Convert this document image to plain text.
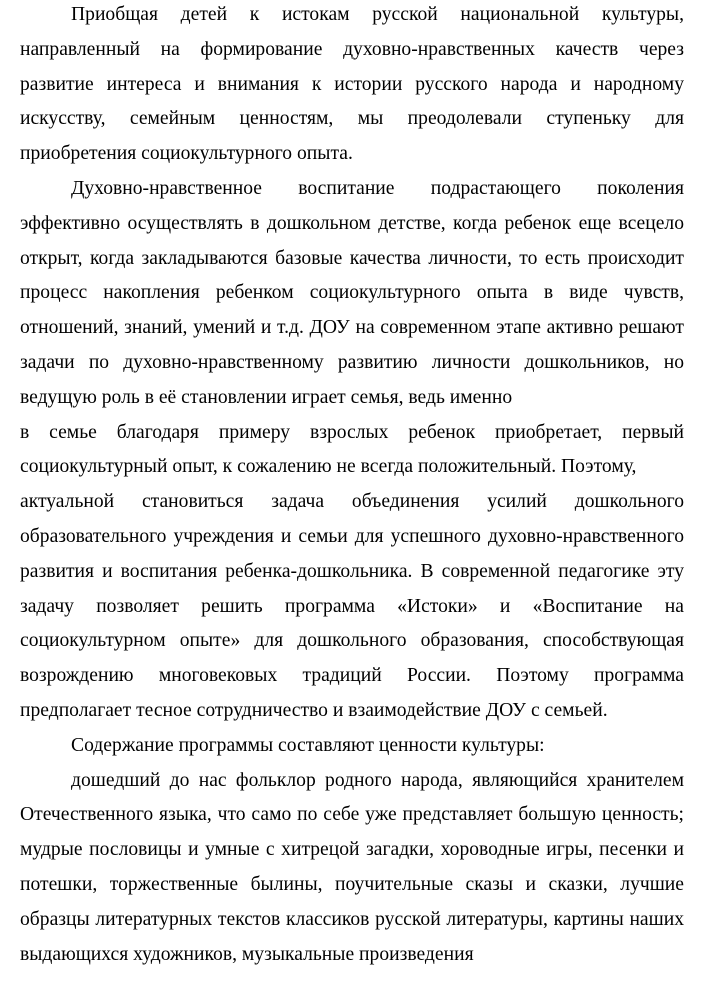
Приобщая детей к истокам русской национальной культуры,
направленный на формирование духовно-нравственных качеств через
развитие интереса и внимания к истории русского народа и народному
искусству, семейным ценностям, мы преодолевали ступеньку для
приобретения социокультурного опыта.
Духовно-нравственное воспитание подрастающего поколения
эффективно осуществлять в дошкольном детстве, когда ребенок еще всецело
открыт, когда закладываются базовые качества личности, то есть происходит
процесс накопления ребенком социокультурного опыта в виде чувств,
отношений, знаний, умений и т.д. ДОУ на современном этапе активно решают
задачи по духовно-нравственному развитию личности дошкольников, но
ведущую роль в её становлении играет семья, ведь именно
в семье благодаря примеру взрослых ребенок приобретает, первый
социокультурный опыт, к сожалению не всегда положительный. Поэтому,
актуальной становиться задача объединения усилий дошкольного
образовательного учреждения и семьи для успешного духовно-нравственного
развития и воспитания ребенка-дошкольника. В современной педагогике эту
задачу позволяет решить программа «Истоки» и «Воспитание на
социокультурном опыте» для дошкольного образования, способствующая
возрождению многовековых традиций России. Поэтому программа
предполагает тесное сотрудничество и взаимодействие ДОУ с семьей.
Содержание программы составляют ценности культуры:
дошедший до нас фольклор родного народа, являющийся хранителем
Отечественного языка, что само по себе уже представляет большую ценность;
мудрые пословицы и умные с хитрецой загадки, хороводные игры, песенки и
потешки, торжественные былины, поучительные сказы и сказки, лучшие
образцы литературных текстов классиков русской литературы, картины наших
выдающихся художников, музыкальные произведения
